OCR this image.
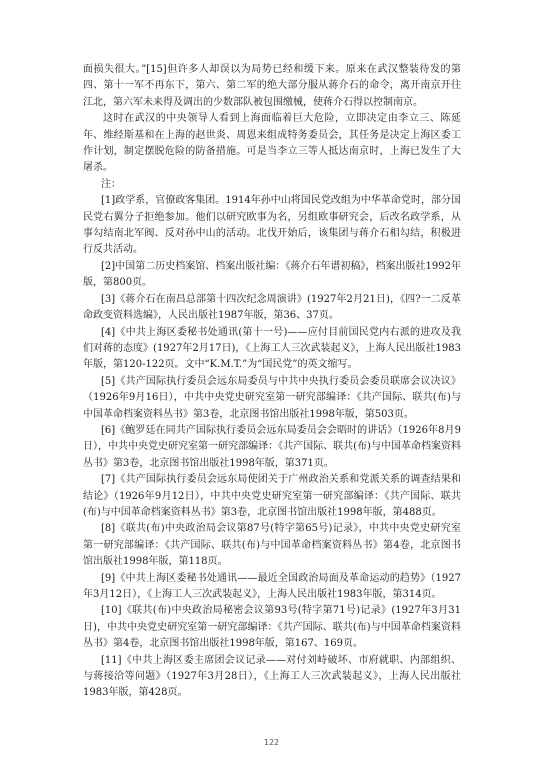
面损失很大。”[15]但许多人却误以为局势已经和缓下来。原来在武汉整装待发的第四、第十一军不再东下，第六、第二军的绝大部分服从蒋介石的命令，离开南京开往江北，第六军未来得及调出的少数部队被包围缴械，使蒋介石得以控制南京。

这时在武汉的中央领导人看到上海面临着巨大危险，立即决定由李立三、陈延年、维经斯基和在上海的赵世炎、周恩来组成特务委员会，其任务是决定上海区委工作计划，制定摆脱危险的防备措施。可是当李立三等人抵达南京时，上海已发生了大屠杀。

注：

[1]政学系，官僚政客集团。1914年孙中山将国民党改组为中华革命党时，部分国民党右翼分子拒绝参加。他们以研究欧事为名，另组欧事研究会，后改名政学系，从事勾结南北军阀、反对孙中山的活动。北伐开始后，该集团与蒋介石相勾结，积极进行反共活动。

[2]中国第二历史档案馆、档案出版社编：《蒋介石年谱初稿》，档案出版社1992年版，第800页。

[3]《蒋介石在南昌总部第十四次纪念周演讲》(1927年2月21日)，《四?一二反革命政变资料选编》，人民出版社1987年版，第36、37页。

[4]《中共上海区委秘书处通讯(第十一号)——应付目前国民党内右派的进攻及我们对蒋的态度》(1927年2月17日)，《上海工人三次武装起义》，上海人民出版社1983年版，第120-122页。文中“K.M.T.”为“国民党”的英文缩写。

[5]《共产国际执行委员会远东局委员与中共中央执行委员会委员联席会议决议》（1926年9月16日），中共中央党史研究室第一研究部编译：《共产国际、联共(布)与中国革命档案资料丛书》第3卷，北京图书馆出版社1998年版，第503页。

[6]《鲍罗廷在同共产国际执行委员会远东局委员会会晤时的讲话》（1926年8月9日），中共中央党史研究室第一研究部编译：《共产国际、联共(布)与中国革命档案资料丛书》第3卷，北京图书馆出版社1998年版，第371页。

[7]《共产国际执行委员会远东局使团关于广州政治关系和党派关系的调查结果和结论》（1926年9月12日），中共中央党史研究室第一研究部编译：《共产国际、联共(布)与中国革命档案资料丛书》第3卷，北京图书馆出版社1998年版，第488页。

[8]《联共(布)中央政治局会议第87号(特字第65号)记录》，中共中央党史研究室第一研究部编译：《共产国际、联共(布)与中国革命档案资料丛书》第4卷，北京图书馆出版社1998年版，第118页。

[9]《中共上海区委秘书处通讯——最近全国政治局面及革命运动的趋势》（1927年3月12日），《上海工人三次武装起义》，上海人民出版社1983年版，第314页。

[10]《联共(布)中央政治局秘密会议第93号(特字第71号)记录》(1927年3月31日)，中共中央党史研究室第一研究部编译：《共产国际、联共(布)与中国革命档案资料丛书》第4卷，北京图书馆出版社1998年版，第167、169页。

[11]《中共上海区委主席团会议记录——对付刘峙破坏、市府就职、内部组织、与蒋接洽等问题》（1927年3月28日），《上海工人三次武装起义》，上海人民出版社1983年版，第428页。

122
